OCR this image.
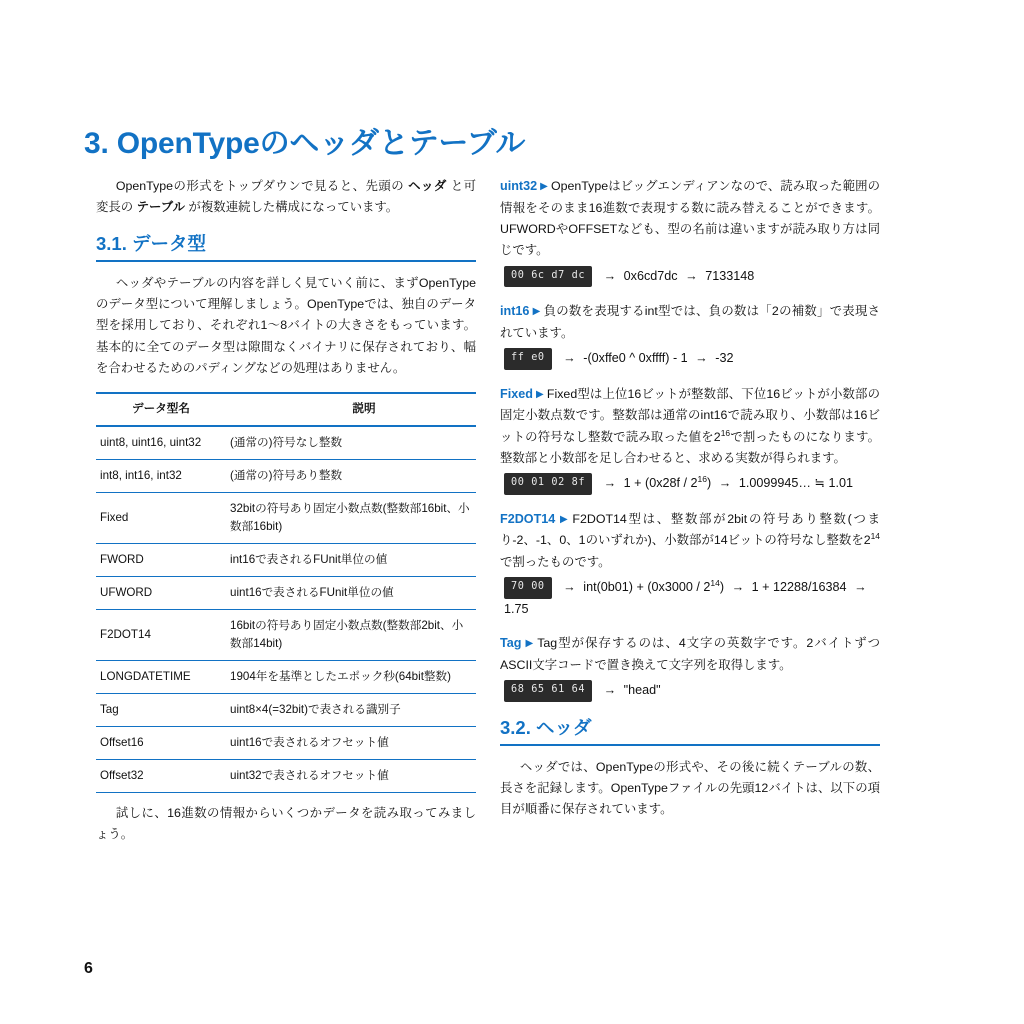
3. OpenTypeのヘッダとテーブル

OpenTypeの形式をトップダウンで見ると、先頭の ヘッダ と可変長の テーブル が複数連続した構成になっています。

3.1. データ型

ヘッダやテーブルの内容を詳しく見ていく前に、まずOpenTypeのデータ型について理解しましょう。OpenTypeでは、独自のデータ型を採用しており、それぞれ1～8バイトの大きさをもっています。基本的に全てのデータ型は隙間なくバイナリに保存されており、幅を合わせるためのパディングなどの処理はありません。

データ型名	説明
uint8, uint16, uint32	(通常の)符号なし整数
int8, int16, int32	(通常の)符号あり整数
Fixed	32bitの符号あり固定小数点数(整数部16bit、小数部16bit)
FWORD	int16で表されるFUnit単位の値
UFWORD	uint16で表されるFUnit単位の値
F2DOT14	16bitの符号あり固定小数点数(整数部2bit、小数部14bit)
LONGDATETIME	1904年を基準としたエポック秒(64bit整数)
Tag	uint8×4(=32bit)で表される識別子
Offset16	uint16で表されるオフセット値
Offset32	uint32で表されるオフセット値

試しに、16進数の情報からいくつかデータを読み取ってみましょう。

uint32 ▶ OpenTypeはビッグエンディアンなので、読み取った範囲の情報をそのまま16進数で表現する数に読み替えることができます。UFWORDやOFFSETなども、型の名前は違いますが読み取り方は同じです。

00 6c d7 dc → 0x6cd7dc → 7133148

int16 ▶ 負の数を表現するint型では、負の数は「2の補数」で表現されています。

ff e0 → -(0xffe0 ^ 0xffff) - 1 → -32

Fixed ▶ Fixed型は上位16ビットが整数部、下位16ビットが小数部の固定小数点数です。整数部は通常のint16で読み取り、小数部は16ビットの符号なし整数で読み取った値を$2^{16}$で割ったものになります。整数部と小数部を足し合わせると、求める実数が得られます。

00 01 02 $8f \to 1 + (0x28f / 2^{16})$ → 1.0099945… ≒ 1.01

F2DOT14 ▶ F2DOT14型は、整数部が2bitの符号あり整数(つまり-2、-1、0、1のいずれか)、小数部が14ビットの符号なし整数を$2^{14}$で割ったものです。

70 $00 \to int(0b01) + (0x3000 / 2^{14}) \to 1 + 12288/16384 \to 1.75$

Tag ▶ Tag型が保存するのは、4文字の英数字です。2バイトずつASCII文字コードで置き換えて文字列を取得します。

68 65 61 64 → "head"
3.2. ヘッダ

ヘッダでは、OpenTypeの形式や、その後に続くテーブルの数、長さを記録します。OpenTypeファイルの先頭12バイトは、以下の項目が順番に保存されています。

6
